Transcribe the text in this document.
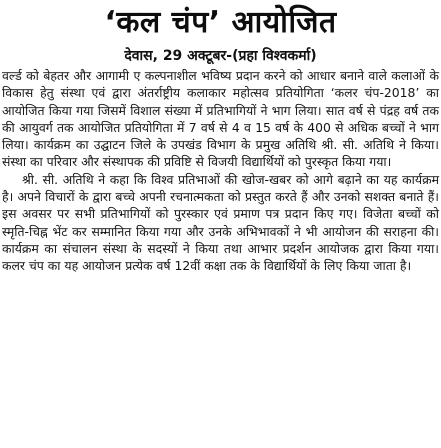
‘कल चंप’ आयोजित
देवास, 29 अक्टूबर-(प्रहा विश्वकर्मा)

वर्ल्ड को बेहतर और आगामी ए कल्पनाशील भविष्य प्रदान करने को आधार बनाने वाले कलाओं के विकास हेतु संस्था एवं द्वारा अंतर्राष्ट्रीय कलाकार महोत्सव प्रतियोगिता ‘कलर चंप-2018’ का आयोजित किया गया जिसमें विशाल संख्या में प्रतिभागियों ने भाग लिया। सात वर्ष से पंद्रह वर्ष तक की आयुवर्ग तक आयोजित प्रतियोगिता में 7 वर्ष से 4 व 15 वर्ष के 400 से अधिक बच्चों ने भाग लिया। कार्यक्रम का उद्घाटन जिले के उपखंड विभाग के प्रमुख अतिथि श्री. सी. अतिथि ने किया। संस्था का परिवार और संस्थापक की प्रविष्टि से विजयी विद्यार्थियों को पुरस्कृत किया गया।

श्री. सी. अतिथि ने कहा कि विश्व प्रतिभाओं की खोज-खबर को आगे बढ़ाने का यह कार्यक्रम है। अपने विचारों के द्वारा बच्चे अपनी रचनात्मकता को प्रस्तुत करते हैं और उनको सशक्त बनाते हैं। इस अवसर पर सभी प्रतिभागियों को पुरस्कार एवं प्रमाण पत्र प्रदान किए गए। विजेता बच्चों को स्मृति-चिह्न भेंट कर सम्मानित किया गया और उनके अभिभावकों ने भी आयोजन की सराहना की। कार्यक्रम का संचालन संस्था के सदस्यों ने किया तथा आभार प्रदर्शन आयोजक द्वारा किया गया। कलर चंप का यह आयोजन प्रत्येक वर्ष 12वीं कक्षा तक के विद्यार्थियों के लिए किया जाता है।
